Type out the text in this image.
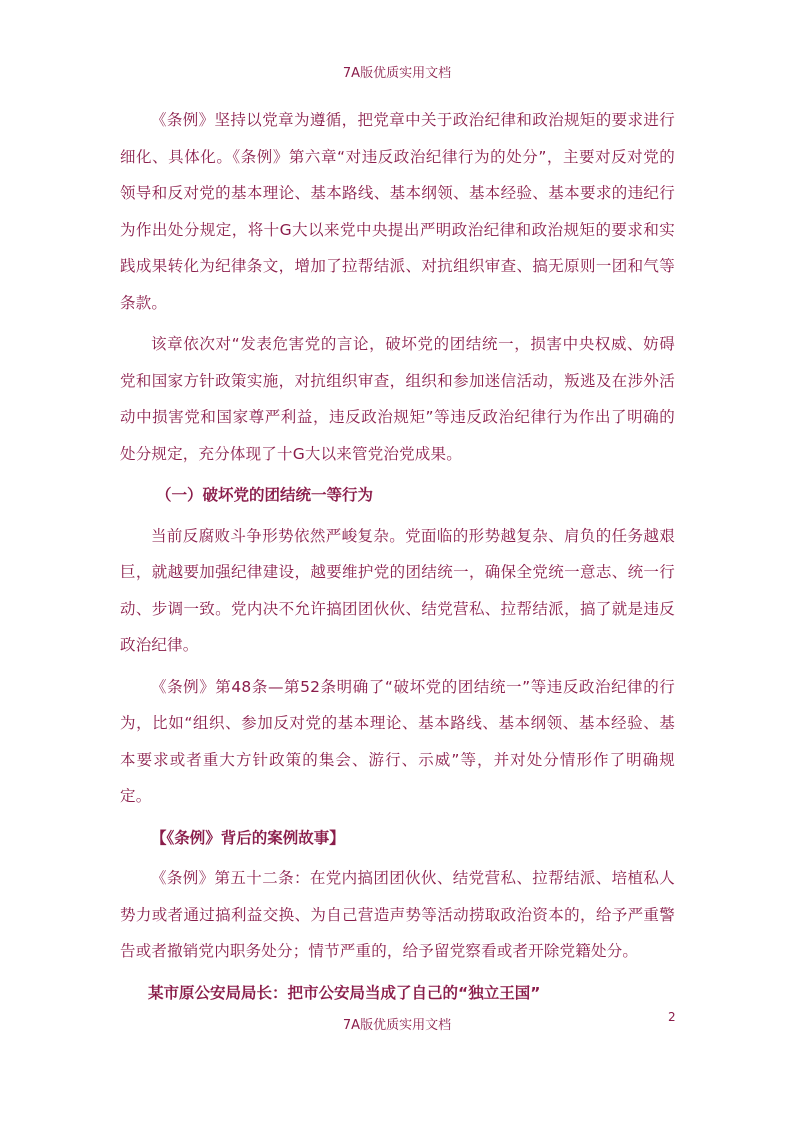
7A版优质实用文档

《条例》坚持以党章为遵循，把党章中关于政治纪律和政治规矩的要求进行细化、具体化。《条例》第六章“对违反政治纪律行为的处分”，主要对反对党的领导和反对党的基本理论、基本路线、基本纲领、基本经验、基本要求的违纪行为作出处分规定，将十G大以来党中央提出严明政治纪律和政治规矩的要求和实践成果转化为纪律条文，增加了拉帮结派、对抗组织审查、搞无原则一团和气等条款。

该章依次对“发表危害党的言论，破坏党的团结统一，损害中央权威、妨碍党和国家方针政策实施，对抗组织审查，组织和参加迷信活动，叛逃及在涉外活动中损害党和国家尊严利益，违反政治规矩”等违反政治纪律行为作出了明确的处分规定，充分体现了十G大以来管党治党成果。

（一）破坏党的团结统一等行为

当前反腐败斗争形势依然严峻复杂。党面临的形势越复杂、肩负的任务越艰巨，就越要加强纪律建设，越要维护党的团结统一，确保全党统一意志、统一行动、步调一致。党内决不允许搞团团伙伙、结党营私、拉帮结派，搞了就是违反政治纪律。

《条例》第48条—第52条明确了“破坏党的团结统一”等违反政治纪律的行为，比如“组织、参加反对党的基本理论、基本路线、基本纲领、基本经验、基本要求或者重大方针政策的集会、游行、示威”等，并对处分情形作了明确规定。

【《条例》背后的案例故事】

《条例》第五十二条：在党内搞团团伙伙、结党营私、拉帮结派、培植私人势力或者通过搞利益交换、为自己营造声势等活动捞取政治资本的，给予严重警告或者撤销党内职务处分；情节严重的，给予留党察看或者开除党籍处分。

某市原公安局局长：把市公安局当成了自己的“独立王国”

7A版优质实用文档
2
